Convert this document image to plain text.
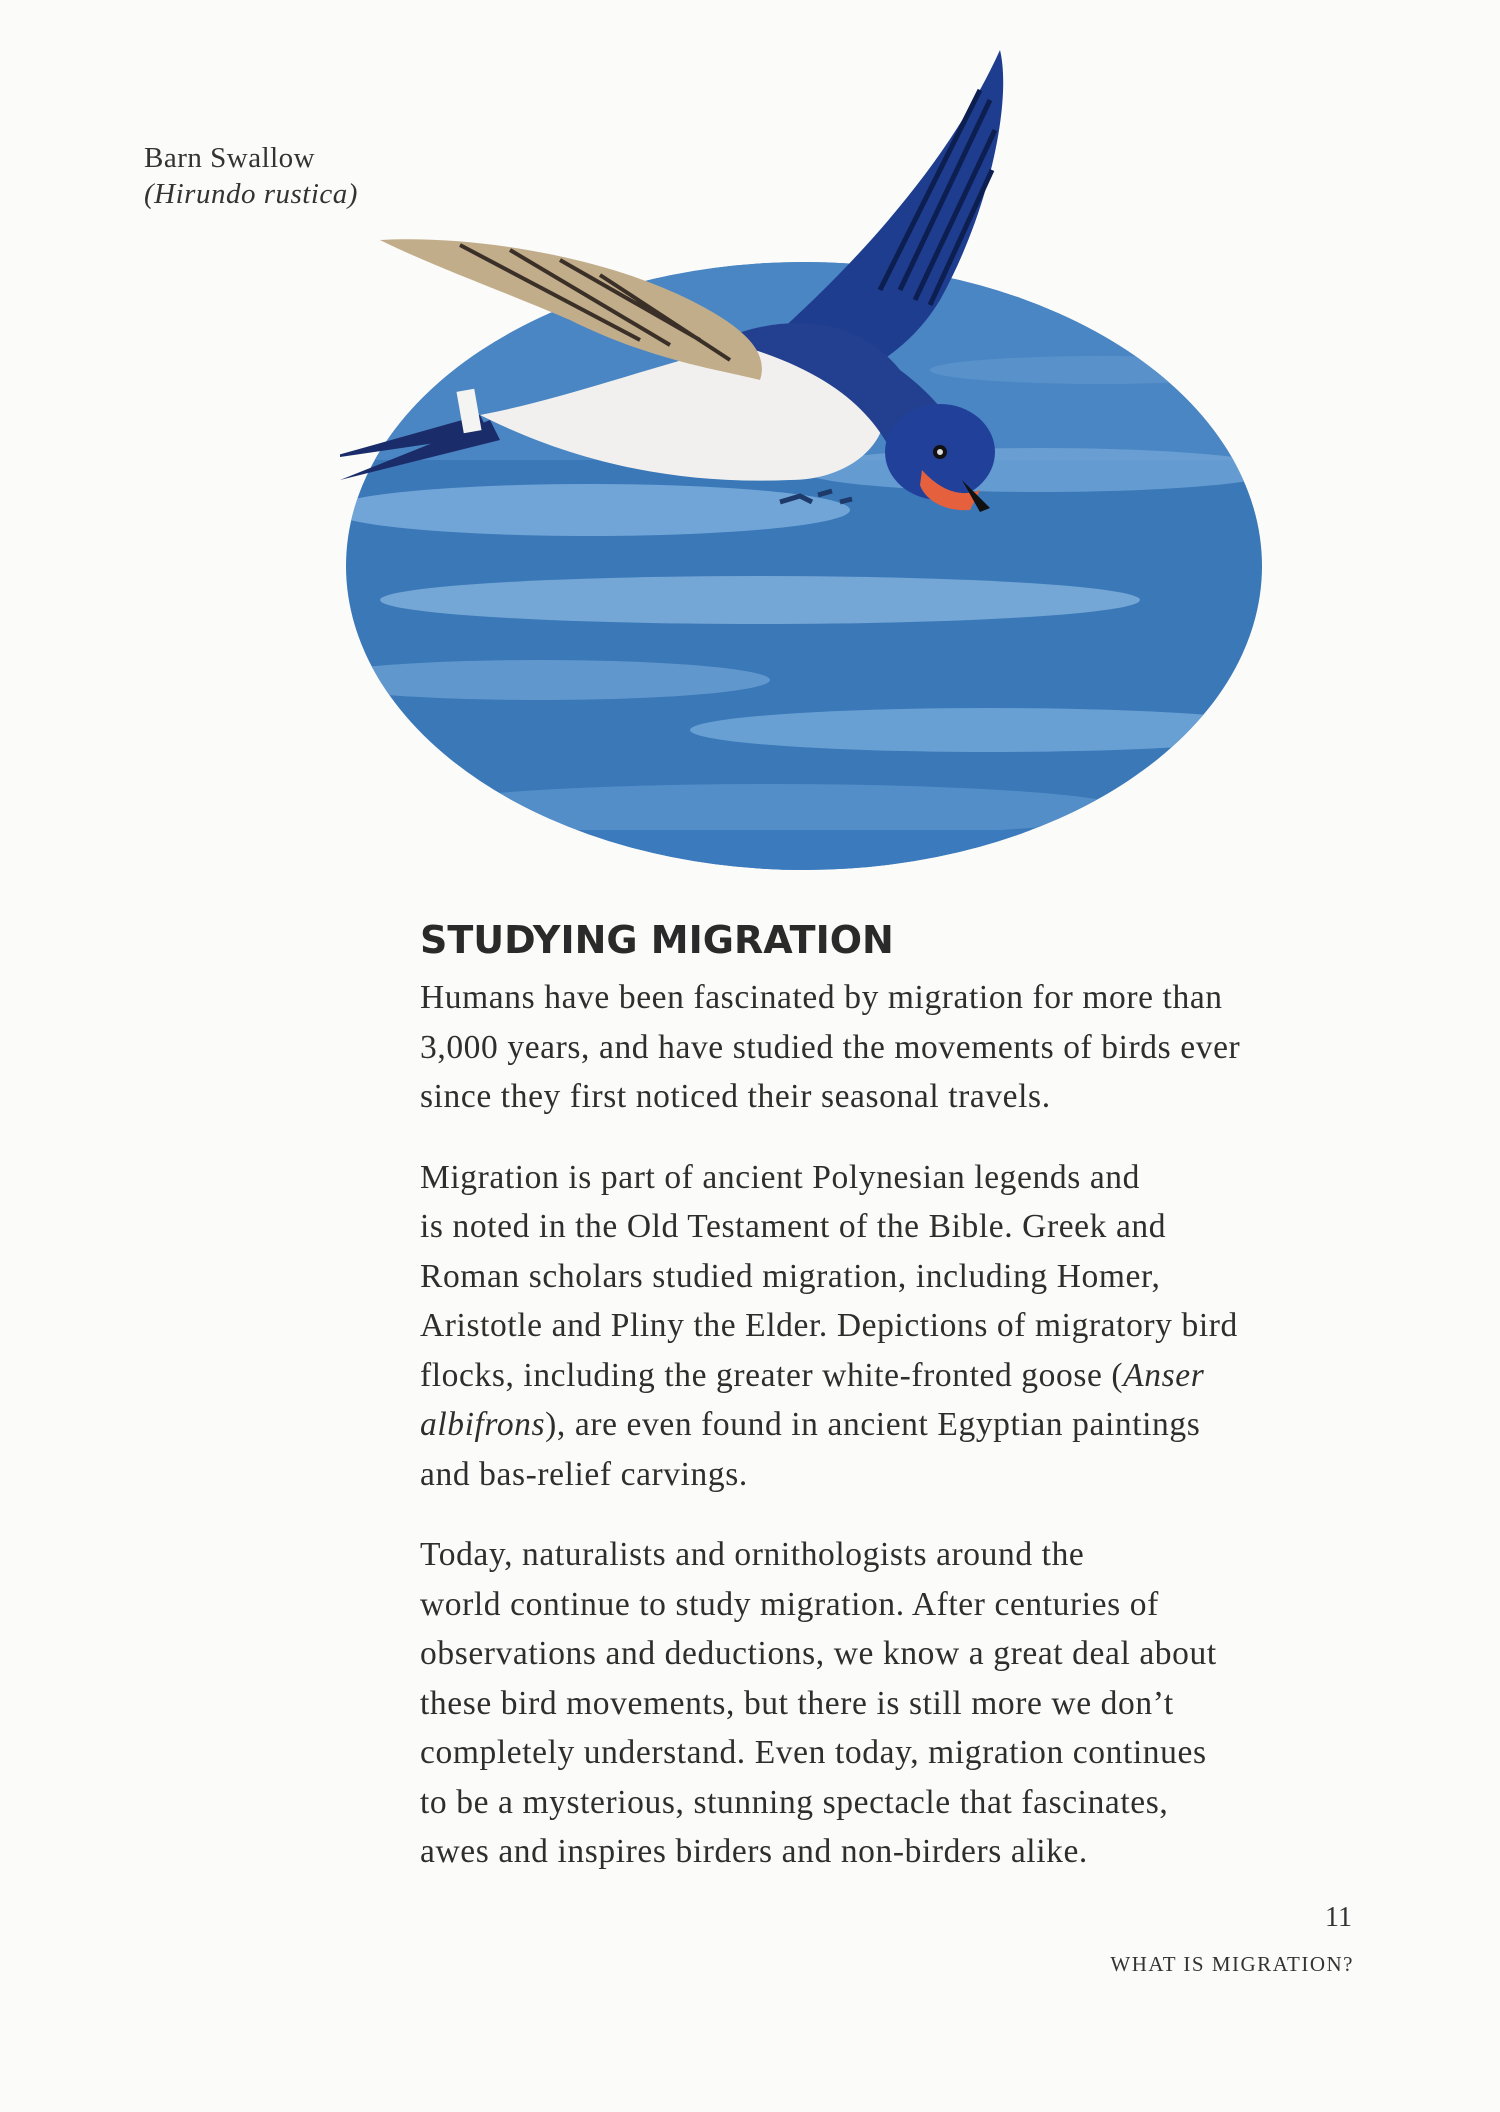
Barn Swallow
(Hirundo rustica)
STUDYING MIGRATION
Humans have been fascinated by migration for more than
3,000 years, and have studied the movements of birds ever
since they first noticed their seasonal travels.
Migration is part of ancient Polynesian legends and
is noted in the Old Testament of the Bible. Greek and
Roman scholars studied migration, including Homer,
Aristotle and Pliny the Elder. Depictions of migratory bird
flocks, including the greater white-fronted goose (Anser
albifrons), are even found in ancient Egyptian paintings
and bas-relief carvings.
Today, naturalists and ornithologists around the
world continue to study migration. After centuries of
observations and deductions, we know a great deal about
these bird movements, but there is still more we don’t
completely understand. Even today, migration continues
to be a mysterious, stunning spectacle that fascinates,
awes and inspires birders and non-birders alike.
11
WHAT IS MIGRATION?
